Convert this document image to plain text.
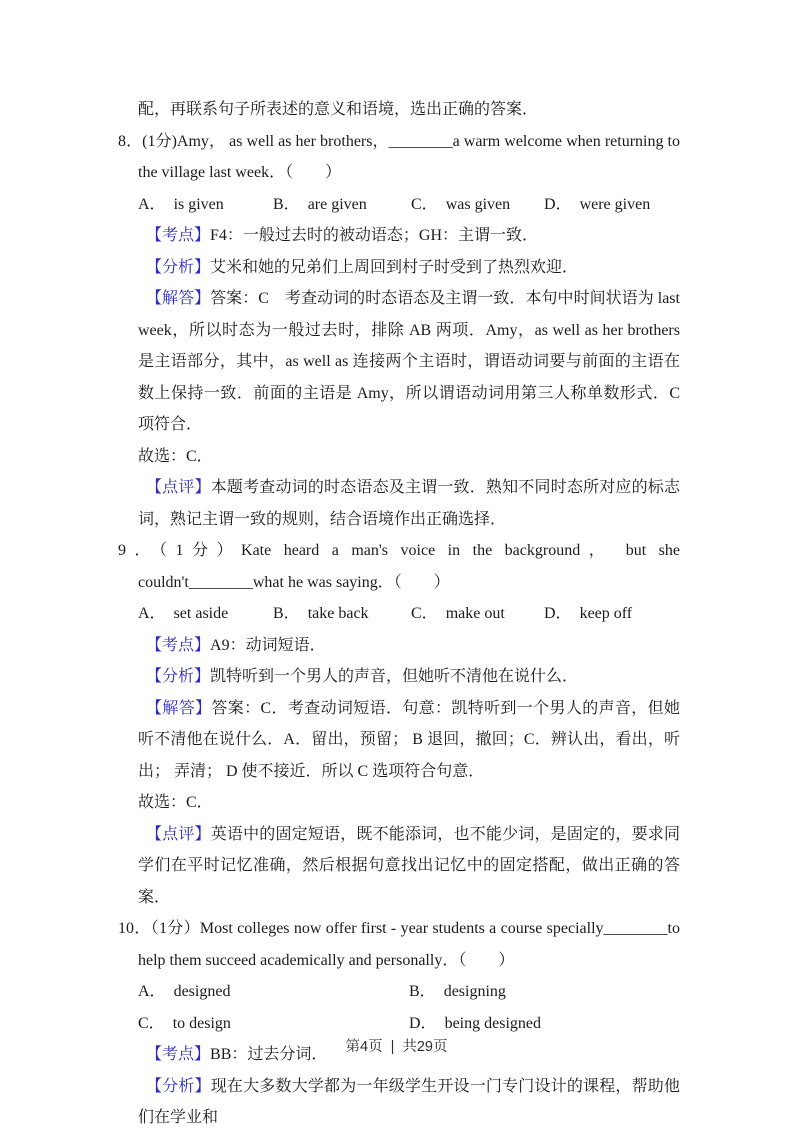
配，再联系句子所表述的意义和语境，选出正确的答案．

8．(1分)Amy， as well as her brothers，________a warm welcome when returning to the village last week．（　　）

A． is given	B． are given	C． was given	D． were given

【考点】F4：一般过去时的被动语态；GH：主谓一致．

【分析】艾米和她的兄弟们上周回到村子时受到了热烈欢迎．

【解答】答案：C　考查动词的时态语态及主谓一致．本句中时间状语为 last week，所以时态为一般过去时，排除 AB 两项．Amy，as well as her brothers 是主语部分，其中，as well as 连接两个主语时，谓语动词要与前面的主语在数上保持一致．前面的主语是 Amy，所以谓语动词用第三人称单数形式．C 项符合．

故选：C．

【点评】本题考查动词的时态语态及主谓一致．熟知不同时态所对应的标志词，熟记主谓一致的规则，结合语境作出正确选择．

9．（1分）Kate heard a man's voice in the background， but she couldn't________what he was saying．（　　）

A． set aside	B． take back	C． make out	D． keep off

【考点】A9：动词短语．

【分析】凯特听到一个男人的声音，但她听不清他在说什么．

【解答】答案：C．考查动词短语．句意：凯特听到一个男人的声音，但她听不清他在说什么．A．留出，预留； B 退回，撤回；C．辨认出，看出，听出； 弄清； D 使不接近．所以 C 选项符合句意．

故选：C．

【点评】英语中的固定短语，既不能添词，也不能少词，是固定的，要求同学们在平时记忆准确，然后根据句意找出记忆中的固定搭配，做出正确的答案．

10．（1分）Most colleges now offer first - year students a course specially________to help them succeed academically and personally．（　　）

A． designed	B． designing
C． to design	D． being designed

【考点】BB：过去分词．

【分析】现在大多数大学都为一年级学生开设一门专门设计的课程，帮助他们在学业和

第4页 | 共29页
